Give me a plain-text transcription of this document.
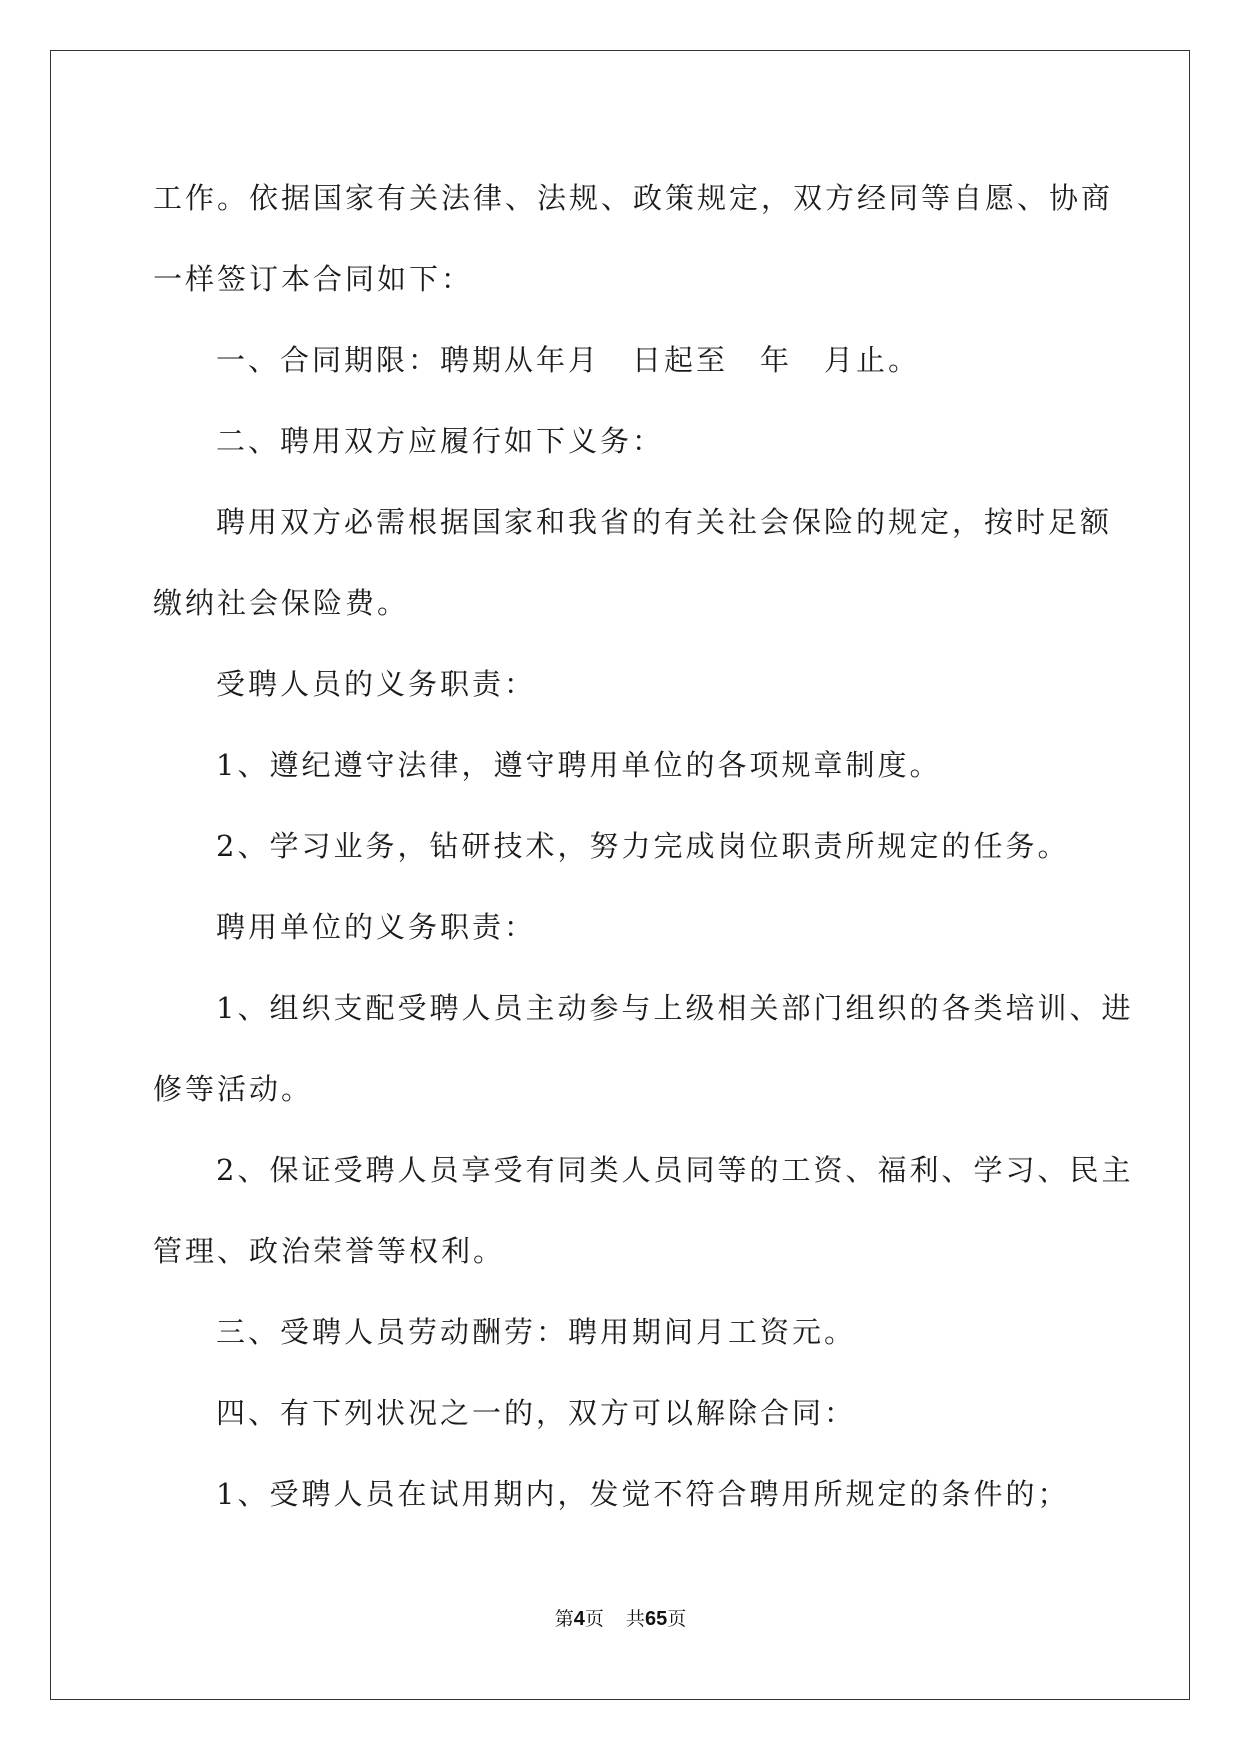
工作。依据国家有关法律、法规、政策规定，双方经同等自愿、协商

一样签订本合同如下：

一、合同期限：聘期从年月　日起至　年　月止。

二、聘用双方应履行如下义务：

聘用双方必需根据国家和我省的有关社会保险的规定，按时足额

缴纳社会保险费。

受聘人员的义务职责：

1、遵纪遵守法律，遵守聘用单位的各项规章制度。

2、学习业务，钻研技术，努力完成岗位职责所规定的任务。

聘用单位的义务职责：

1、组织支配受聘人员主动参与上级相关部门组织的各类培训、进

修等活动。

2、保证受聘人员享受有同类人员同等的工资、福利、学习、民主

管理、政治荣誉等权利。

三、受聘人员劳动酬劳：聘用期间月工资元。

四、有下列状况之一的，双方可以解除合同：

1、受聘人员在试用期内，发觉不符合聘用所规定的条件的；

第4页 共65页
